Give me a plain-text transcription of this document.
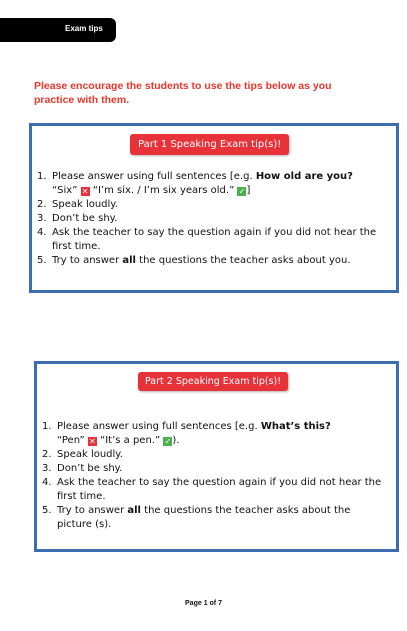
Exam tips
Please encourage the students to use the tips below as you practice with them.
Part 1 Speaking Exam tip(s)!
1. Please answer using full sentences [e.g. How old are you?
“Six” ✕ “I’m six. / I’m six years old.” ✓]
2. Speak loudly.
3. Don’t be shy.
4. Ask the teacher to say the question again if you did not hear the first time.
5. Try to answer all the questions the teacher asks about you.
Part 2 Speaking Exam tip(s)!
1. Please answer using full sentences [e.g. What’s this?
“Pen” ✕ “It’s a pen.” ✓).
2. Speak loudly.
3. Don’t be shy.
4. Ask the teacher to say the question again if you did not hear the first time.
5. Try to answer all the questions the teacher asks about the picture (s).
Page 1 of 7
